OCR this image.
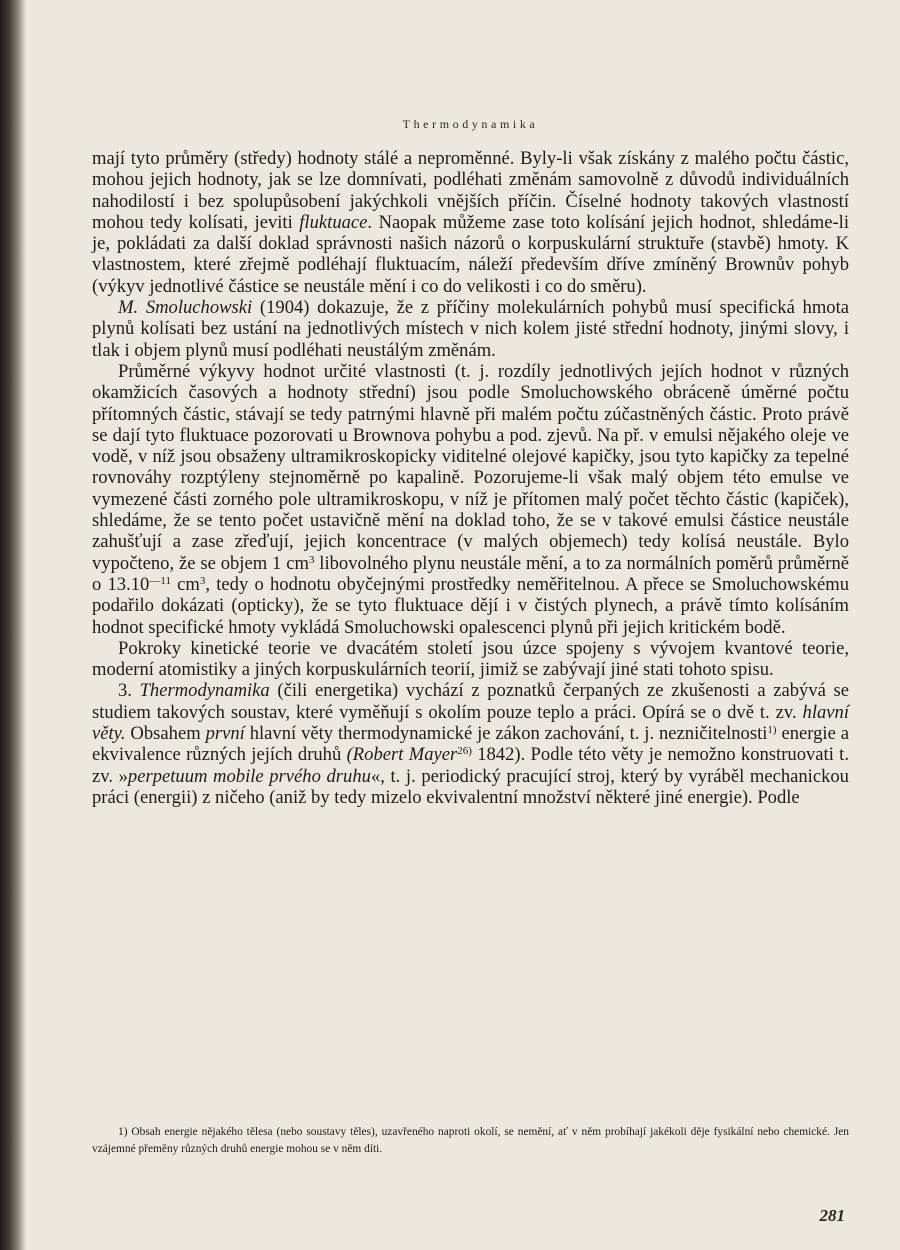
Thermodynamika

mají tyto průměry (středy) hodnoty stálé a neproměnné. Byly-li však získány z malého počtu částic, mohou jejich hodnoty, jak se lze domnívati, podléhati změnám samovolně z důvodů individuálních nahodilostí i bez spolupůsobení jakýchkoli vnějších příčin. Číselné hodnoty takových vlastností mohou tedy kolísati, jeviti fluktuace. Naopak můžeme zase toto kolísání jejich hodnot, shledáme-li je, pokládati za další doklad správnosti našich názorů o korpuskulární struktuře (stavbě) hmoty. K vlastnostem, které zřejmě podléhají fluktuacím, náleží především dříve zmíněný Brownův pohyb (výkyv jednotlivé částice se neustále mění i co do velikosti i co do směru).

M. Smoluchowski (1904) dokazuje, že z příčiny molekulárních pohybů musí specifická hmota plynů kolísati bez ustání na jednotlivých místech v nich kolem jisté střední hodnoty, jinými slovy, i tlak i objem plynů musí podléhati neustálým změnám.

Průměrné výkyvy hodnot určité vlastnosti (t. j. rozdíly jednotlivých jejích hodnot v různých okamžicích časových a hodnoty střední) jsou podle Smoluchowského obráceně úměrné počtu přítomných částic, stávají se tedy patrnými hlavně při malém počtu zúčastněných částic. Proto právě se dají tyto fluktuace pozorovati u Brownova pohybu a pod. zjevů. Na př. v emulsi nějakého oleje ve vodě, v níž jsou obsaženy ultramikroskopicky viditelné olejové kapičky, jsou tyto kapičky za tepelné rovnováhy rozptýleny stejnoměrně po kapalině. Pozorujeme-li však malý objem této emulse ve vymezené části zorného pole ultramikroskopu, v níž je přítomen malý počet těchto částic (kapiček), shledáme, že se tento počet ustavičně mění na doklad toho, že se v takové emulsi částice neustále zahušťují a zase zřeďují, jejich koncentrace (v malých objemech) tedy kolísá neustále. Bylo vypočteno, že se objem 1 $cm^3$ libovolného plynu neustále mění, a to za normálních poměrů průměrně o $13.10^{—11}$ $cm^3$, tedy o hodnotu obyčejnými prostředky neměřitelnou. A přece se Smoluchowskému podařilo dokázati (opticky), že se tyto fluktuace dějí i v čistých plynech, a právě tímto kolísáním hodnot specifické hmoty vykládá Smoluchowski opalescenci plynů při jejich kritickém bodě.

Pokroky kinetické teorie ve dvacátém století jsou úzce spojeny s vývojem kvantové teorie, moderní atomistiky a jiných korpuskulárních teorií, jimiž se zabývají jiné stati tohoto spisu.

3. Thermodynamika (čili energetika) vychází z poznatků čerpaných ze zkušenosti a zabývá se studiem takových soustav, které vyměňují s okolím pouze teplo a práci. Opírá se o dvě t. zv. hlavní věty. Obsahem první hlavní věty thermodynamické je zákon zachování, t. j. nezničitelnosti$^{1)}$ energie a ekvivalence různých jejích druhů (Robert Mayer$^{26)}$ 1842). Podle této věty je nemožno konstruovati t. zv. »perpetuum mobile prvého druhu«, t. j. periodický pracující stroj, který by vyráběl mechanickou práci (energii) z ničeho (aniž by tedy mizelo ekvivalentní množství některé jiné energie). Podle

1) Obsah energie nějakého tělesa (nebo soustavy těles), uzavřeného naproti okolí, se nemění, ať v něm probíhají jakékoli děje fysikální nebo chemické. Jen vzájemné přeměny různých druhů energie mohou se v něm díti.

281
